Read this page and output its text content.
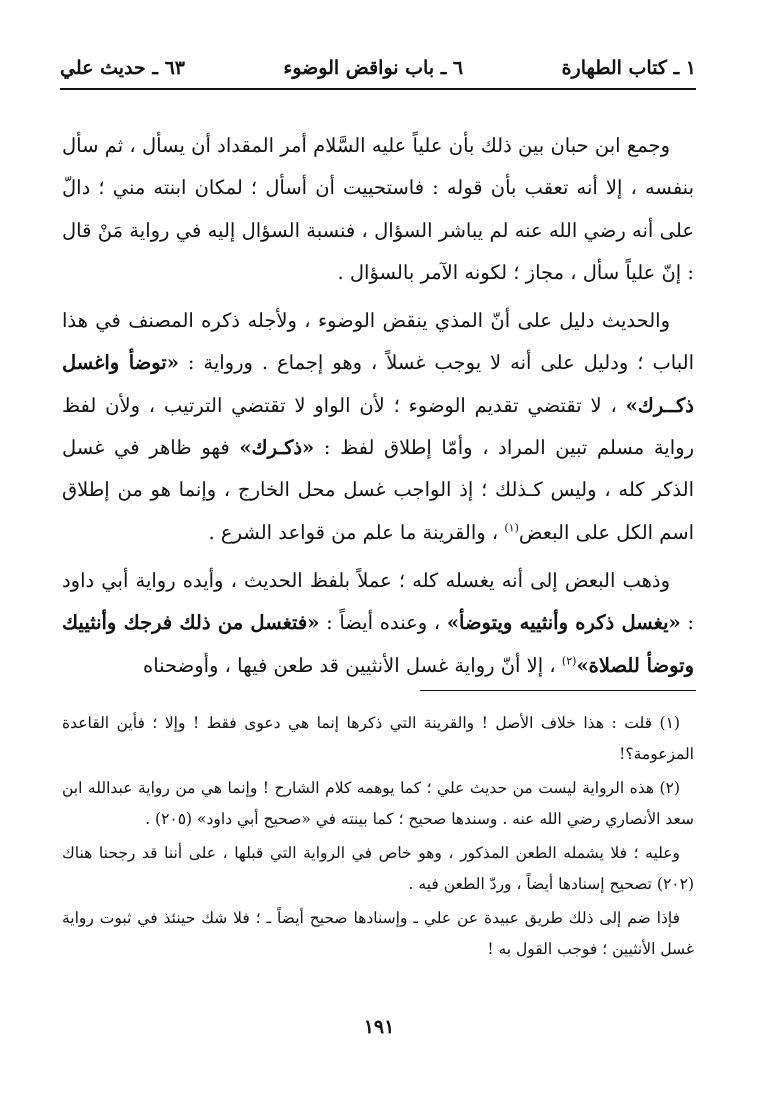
١ ـ كتاب الطهارة
٦ ـ باب نواقض الوضوء
٦٣ ـ حديث علي

وجمع ابن حبان بين ذلك بأن علياً عليه السَّلام أمر المقداد أن يسأل ، ثم سأل بنفسه ، إلا أنه تعقب بأن قوله : فاستحييت أن أسأل ؛ لمكان ابنته مني ؛ دالّ على أنه رضي الله عنه لم يباشر السؤال ، فنسبة السؤال إليه في رواية مَنْ قال : إنّ علياً سأل ، مجاز ؛ لكونه الآمر بالسؤال .

والحديث دليل على أنّ المذي ينقض الوضوء ، ولأجله ذكره المصنف في هذا الباب ؛ ودليل على أنه لا يوجب غسلاً ، وهو إجماع . ورواية : «توضأ واغسل ذكــرك» ، لا تقتضي تقديم الوضوء ؛ لأن الواو لا تقتضي الترتيب ، ولأن لفظ رواية مسلم تبين المراد ، وأمّا إطلاق لفظ : «ذكـرك» فهو ظاهر في غسل الذكر كله ، وليس كـذلك ؛ إذ الواجب غسل محل الخارج ، وإنما هو من إطلاق اسم الكل على البعض$^{(١)}$ ، والقرينة ما علم من قواعد الشرع .

وذهب البعض إلى أنه يغسله كله ؛ عملاً بلفظ الحديث ، وأيده رواية أبي داود : «يغسل ذكره وأنثييه ويتوضأ» ، وعنده أيضاً : «فتغسل من ذلك فرجك وأنثييك وتوضأ للصلاة»$^{(٢)}$ ، إلا أنّ رواية غسل الأنثيين قد طعن فيها ، وأوضحناه

(١) قلت : هذا خلاف الأصل ! والقرينة التي ذكرها إنما هي دعوى فقط ! وإلا ؛ فأين القاعدة المزعومة؟!

(٢) هذه الرواية ليست من حديث علي ؛ كما يوهمه كلام الشارح ! وإنما هي من رواية عبدالله ابن سعد الأنصاري رضي الله عنه . وسندها صحيح ؛ كما بينته في «صحيح أبي داود» (٢٠٥) .

وعليه ؛ فلا يشمله الطعن المذكور ، وهو خاص في الرواية التي قبلها ، على أننا قد رجحنا هناك (٢٠٢) تصحيح إسنادها أيضاً ، وردّ الطعن فيه .

فإذا ضم إلى ذلك طريق عبيدة عن علي ـ وإسنادها صحيح أيضاً ـ ؛ فلا شك حينئذ في ثبوت رواية غسل الأنثيين ؛ فوجب القول به !

١٩١
